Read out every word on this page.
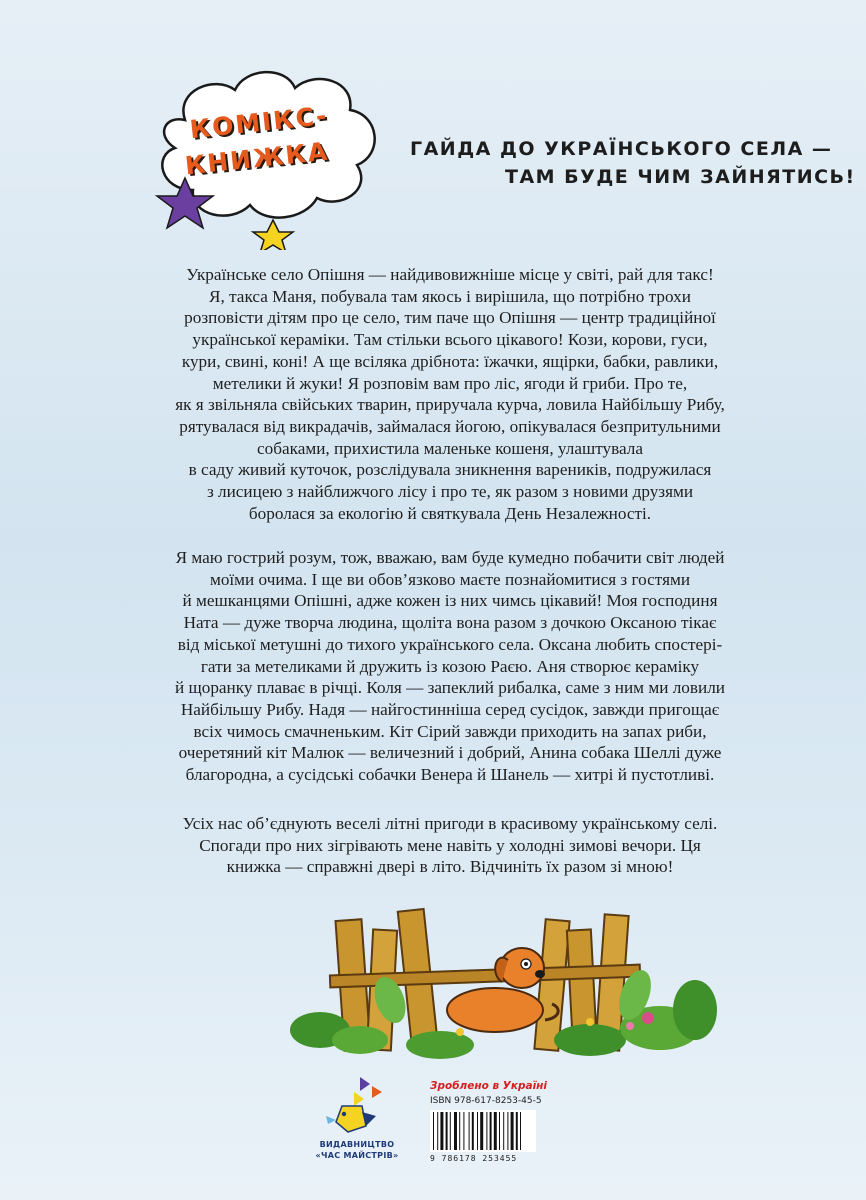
КОМІКС-
КНИЖКА	ГАЙДА ДО УКРАЇНСЬКОГО СЕЛА —
ТАМ БУДЕ ЧИМ ЗАЙНЯТИСЬ!

Українське село Опішня — найдивовижніше місце у світі, рай для такс!
Я, такса Маня, побувала там якось і вирішила, що потрібно трохи
розповісти дітям про це село, тим паче що Опішня — центр традиційної
української кераміки. Там стільки всього цікавого! Кози, корови, гуси,
кури, свині, коні! А ще всіляка дрібнота: їжачки, ящірки, бабки, равлики,
метелики й жуки! Я розповім вам про ліс, ягоди й гриби. Про те,
як я звільняла свійських тварин, приручала курча, ловила Найбільшу Рибу,
рятувалася від викрадачів, займалася йогою, опікувалася безпритульними
собаками, прихистила маленьке кошеня, улаштувала
в саду живий куточок, розслідувала зникнення вареників, подружилася
з лисицею з найближчого лісу і про те, як разом з новими друзями
боролася за екологію й святкувала День Незалежності.

Я маю гострий розум, тож, вважаю, вам буде кумедно побачити світ людей
моїми очима. І ще ви обов’язково маєте познайомитися з гостями
й мешканцями Опішні, адже кожен із них чимсь цікавий! Моя господиня
Ната — дуже творча людина, щоліта вона разом з дочкою Оксаною тікає
від міської метушні до тихого українського села. Оксана любить спостері-
гати за метеликами й дружить із козою Раєю. Аня створює кераміку
й щоранку плаває в річці. Коля — запеклий рибалка, саме з ним ми ловили
Найбільшу Рибу. Надя — найгостинніша серед сусідок, завжди пригощає
всіх чимось смачненьким. Кіт Сірий завжди приходить на запах риби,
очеретяний кіт Малюк — величезний і добрий, Анина собака Шеллі дуже
благородна, а сусідські собачки Венера й Шанель — хитрі й пустотливі.

Усіх нас об’єднують веселі літні пригоди в красивому українському селі.
Спогади про них зігрівають мене навіть у холодні зимові вечори. Ця
книжка — справжні двері в літо. Відчиніть їх разом зі мною!

ВИДАВНИЦТВО
«ЧАС МАЙСТРІВ»
Зроблено в Україні
ISBN 978-617-8253-45-5
9 786178 253455
